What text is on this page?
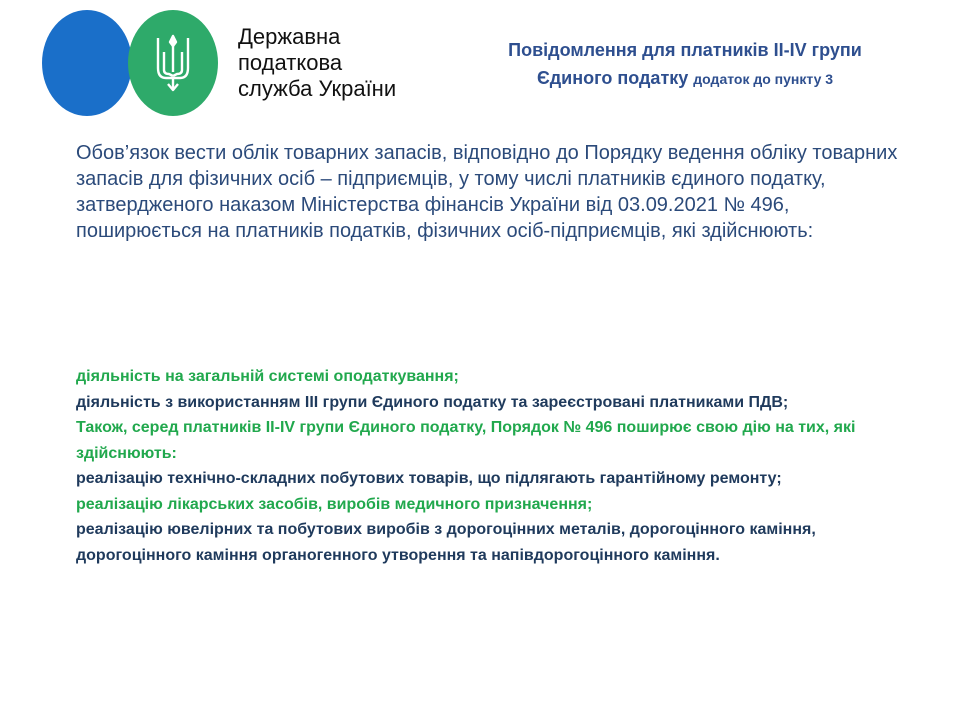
Державна
податкова
служба України
Повідомлення для платників ІІ-ІV групи
Єдиного податку додаток до пункту 3
Обов’язок вести облік товарних запасів, відповідно до Порядку ведення обліку товарних запасів для фізичних осіб – підприємців, у тому числі платників єдиного податку, затвердженого наказом Міністерства фінансів України від 03.09.2021 № 496, поширюється на платників податків, фізичних осіб-підприємців, які здійснюють:
діяльність на загальній системі оподаткування;
діяльність з використанням ІІІ групи Єдиного податку та зареєстровані платниками ПДВ;
Також, серед платників ІІ-ІV групи Єдиного податку, Порядок № 496 поширює свою дію на тих, які здійснюють:
реалізацію технічно-складних побутових товарів, що підлягають гарантійному ремонту;
реалізацію лікарських засобів, виробів медичного призначення;
реалізацію ювелірних та побутових виробів з дорогоцінних металів, дорогоцінного каміння, дорогоцінного каміння органогенного утворення та напівдорогоцінного каміння.
